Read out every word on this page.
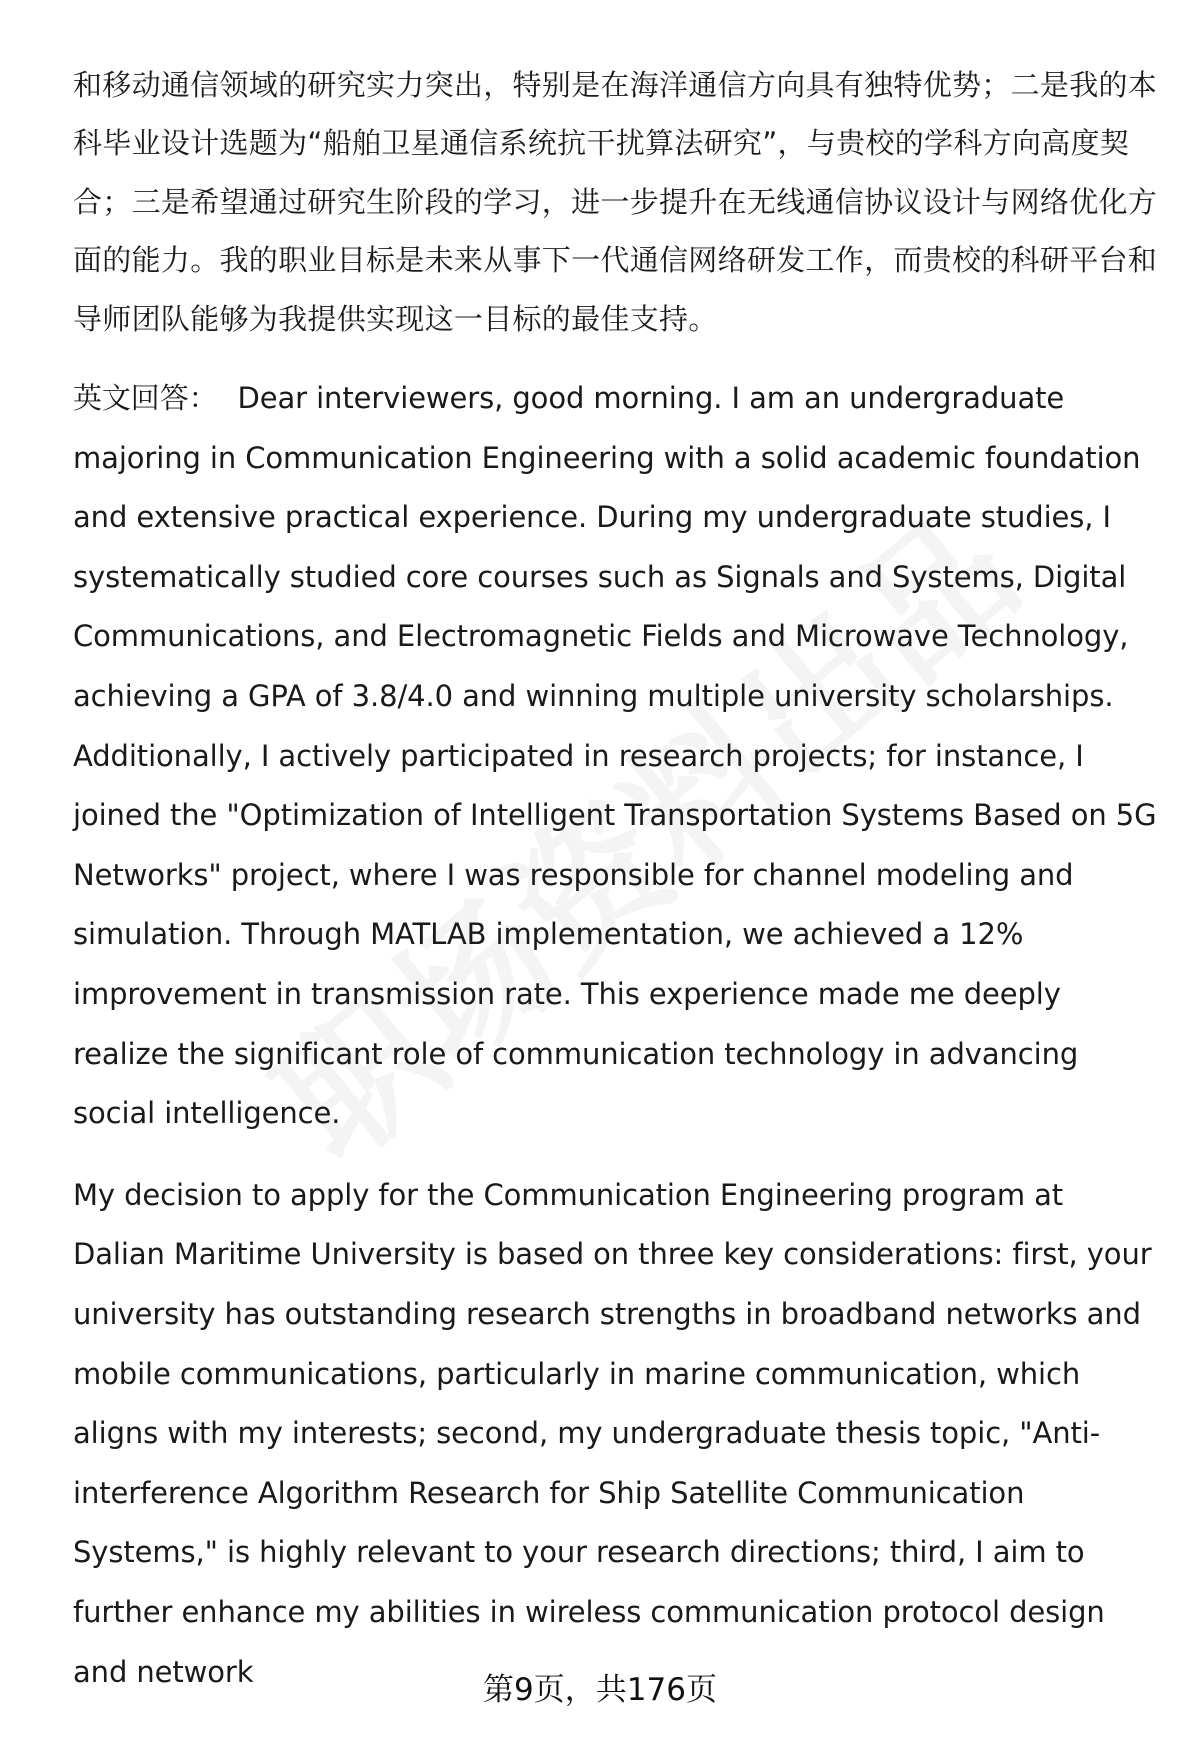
和移动通信领域的研究实力突出，特别是在海洋通信方向具有独特优势；二是我的本科毕业设计选题为“船舶卫星通信系统抗干扰算法研究”，与贵校的学科方向高度契合；三是希望通过研究生阶段的学习，进一步提升在无线通信协议设计与网络优化方面的能力。我的职业目标是未来从事下一代通信网络研发工作，而贵校的科研平台和导师团队能够为我提供实现这一目标的最佳支持。

英文回答： Dear interviewers, good morning. I am an undergraduate majoring in Communication Engineering with a solid academic foundation and extensive practical experience. During my undergraduate studies, I systematically studied core courses such as Signals and Systems, Digital Communications, and Electromagnetic Fields and Microwave Technology, achieving a GPA of 3.8/4.0 and winning multiple university scholarships. Additionally, I actively participated in research projects; for instance, I joined the "Optimization of Intelligent Transportation Systems Based on 5G Networks" project, where I was responsible for channel modeling and simulation. Through MATLAB implementation, we achieved a 12% improvement in transmission rate. This experience made me deeply realize the significant role of communication technology in advancing social intelligence.

My decision to apply for the Communication Engineering program at Dalian Maritime University is based on three key considerations: first, your university has outstanding research strengths in broadband networks and mobile communications, particularly in marine communication, which aligns with my interests; second, my undergraduate thesis topic, "Anti-interference Algorithm Research for Ship Satellite Communication Systems," is highly relevant to your research directions; third, I aim to further enhance my abilities in wireless communication protocol design and network

第9页，共176页
